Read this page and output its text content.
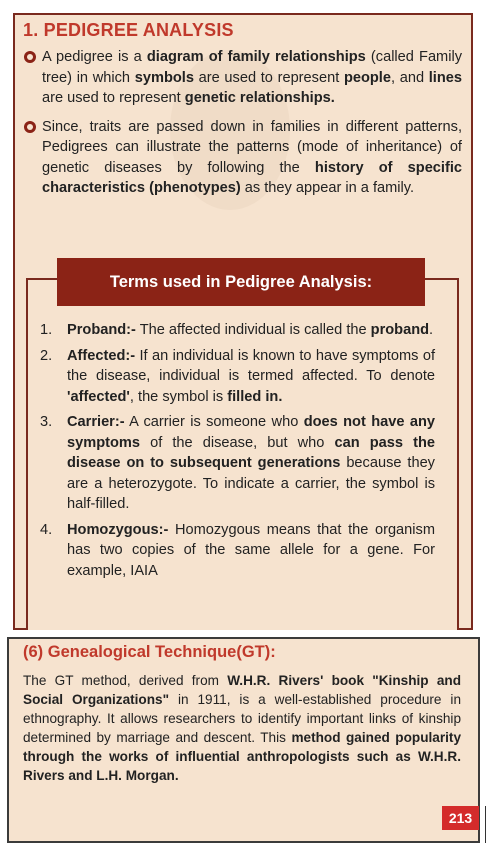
1. PEDIGREE ANALYSIS
A pedigree is a diagram of family relationships (called Family tree) in which symbols are used to represent people, and lines are used to represent genetic relationships.
Since, traits are passed down in families in different patterns, Pedigrees can illustrate the patterns (mode of inheritance) of genetic diseases by following the history of specific characteristics (phenotypes) as they appear in a family.
Terms used in Pedigree Analysis:
1. Proband:- The affected individual is called the proband.
2. Affected:- If an individual is known to have symptoms of the disease, individual is termed affected. To denote 'affected', the symbol is filled in.
3. Carrier:- A carrier is someone who does not have any symptoms of the disease, but who can pass the disease on to subsequent generations because they are a heterozygote. To indicate a carrier, the symbol is half-filled.
4. Homozygous:- Homozygous means that the organism has two copies of the same allele for a gene. For example, IAIA
(6) Genealogical Technique(GT):

The GT method, derived from W.H.R. Rivers' book "Kinship and Social Organizations" in 1911, is a well-established procedure in ethnography. It allows researchers to identify important links of kinship determined by marriage and descent. This method gained popularity through the works of influential anthropologists such as W.H.R. Rivers and L.H. Morgan.

213
